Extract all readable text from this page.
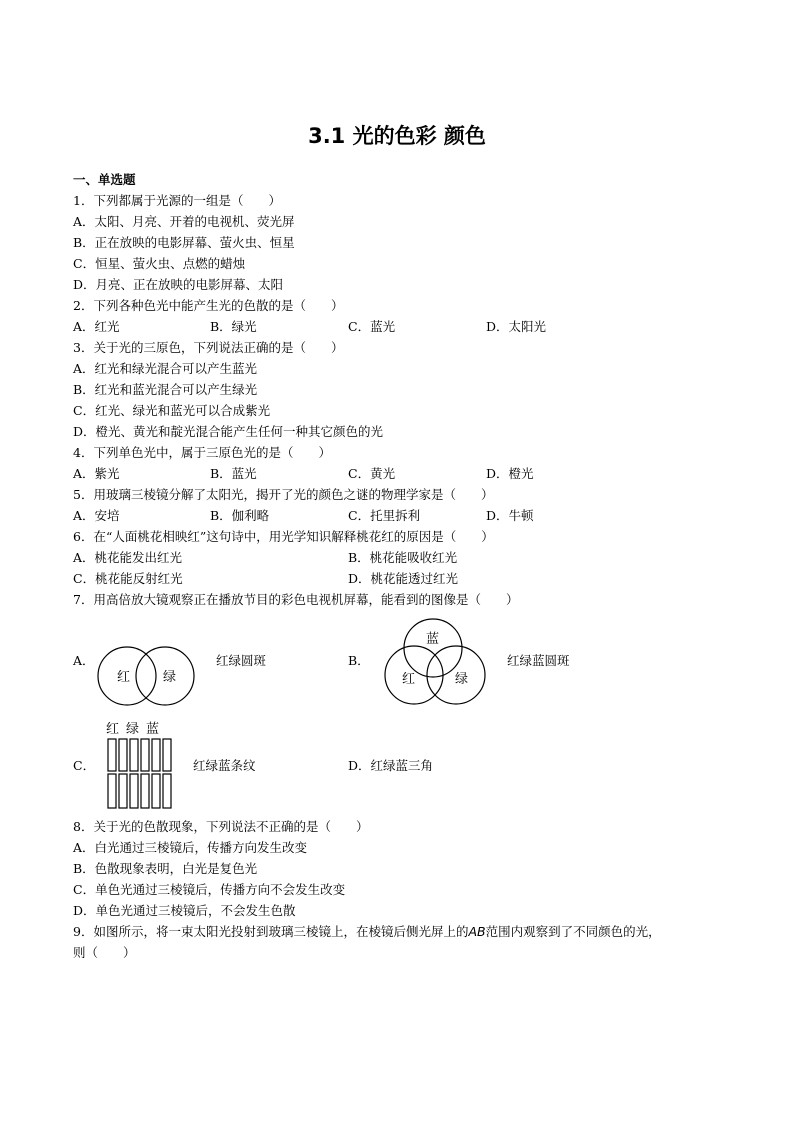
3.1 光的色彩 颜色
一、单选题
1．下列都属于光源的一组是（　　）
A．太阳、月亮、开着的电视机、荧光屏
B．正在放映的电影屏幕、萤火虫、恒星
C．恒星、萤火虫、点燃的蜡烛
D．月亮、正在放映的电影屏幕、太阳
2．下列各种色光中能产生光的色散的是（　　）
A．红光	B．绿光	C．蓝光	D．太阳光
3．关于光的三原色，下列说法正确的是（　　）
A．红光和绿光混合可以产生蓝光
B．红光和蓝光混合可以产生绿光
C．红光、绿光和蓝光可以合成紫光
D．橙光、黄光和靛光混合能产生任何一种其它颜色的光
4．下列单色光中，属于三原色光的是（　　）
A．紫光	B．蓝光	C．黄光	D．橙光
5．用玻璃三棱镜分解了太阳光，揭开了光的颜色之谜的物理学家是（　　）
A．安培	B．伽利略	C．托里拆利	D．牛顿
6．在“人面桃花相映红”这句诗中，用光学知识解释桃花红的原因是（　　）
A．桃花能发出红光	B．桃花能吸收红光
C．桃花能反射红光	D．桃花能透过红光
7．用高倍放大镜观察正在播放节目的彩色电视机屏幕，能看到的图像是（　　）
A．
红	绿
红绿圆斑	B．
蓝
红	绿
红绿蓝圆斑
C．
红 绿 蓝
红绿蓝条纹	D．红绿蓝三角
8．关于光的色散现象，下列说法不正确的是（　　）
A．白光通过三棱镜后，传播方向发生改变
B．色散现象表明，白光是复色光
C．单色光通过三棱镜后，传播方向不会发生改变
D．单色光通过三棱镜后，不会发生色散
9．如图所示，将一束太阳光投射到玻璃三棱镜上，在棱镜后侧光屏上的AB范围内观察到了不同颜色的光，
则（　　）
